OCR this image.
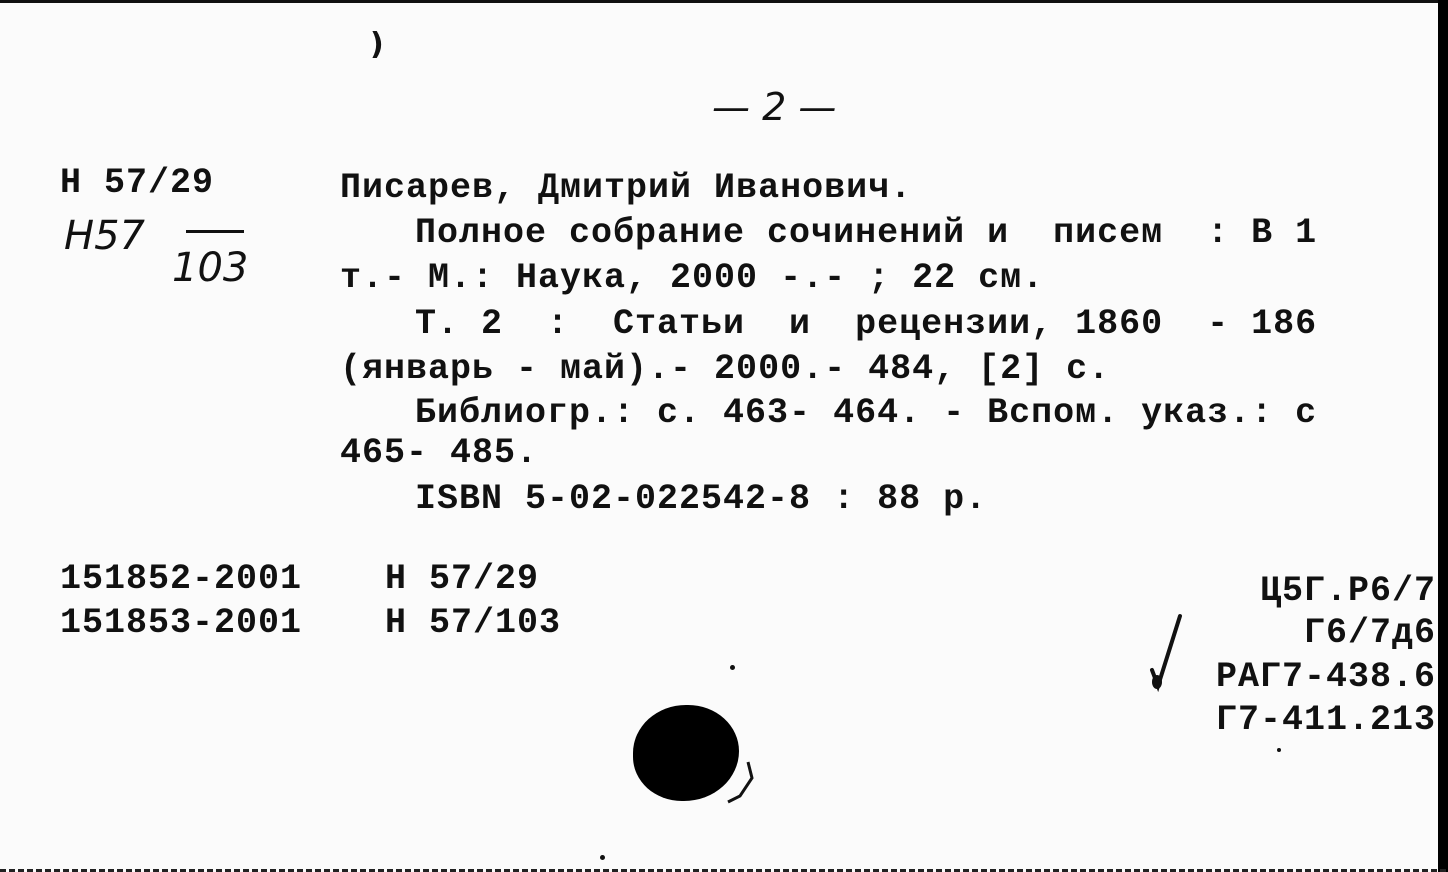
)
— 2 —
Н 57/29
Н57
103
Писарев, Дмитрий Иванович.
Полное собрание сочинений и  писем  : В 1
т.- М.: Наука, 2000 -.- ; 22 см.
Т. 2  :  Статьи  и  рецензии, 1860  - 186
(январь - май).- 2000.- 484, [2] с.
Библиогр.: с. 463- 464. - Вспом. указ.: с
465- 485.
ISBN 5-02-022542-8 : 88 р.
151852-2001 Н 57/29
151853-2001 Н 57/103
Ц5Г.Р6/7
Г6/7д6
РАГ7-438.6
Г7-411.213
